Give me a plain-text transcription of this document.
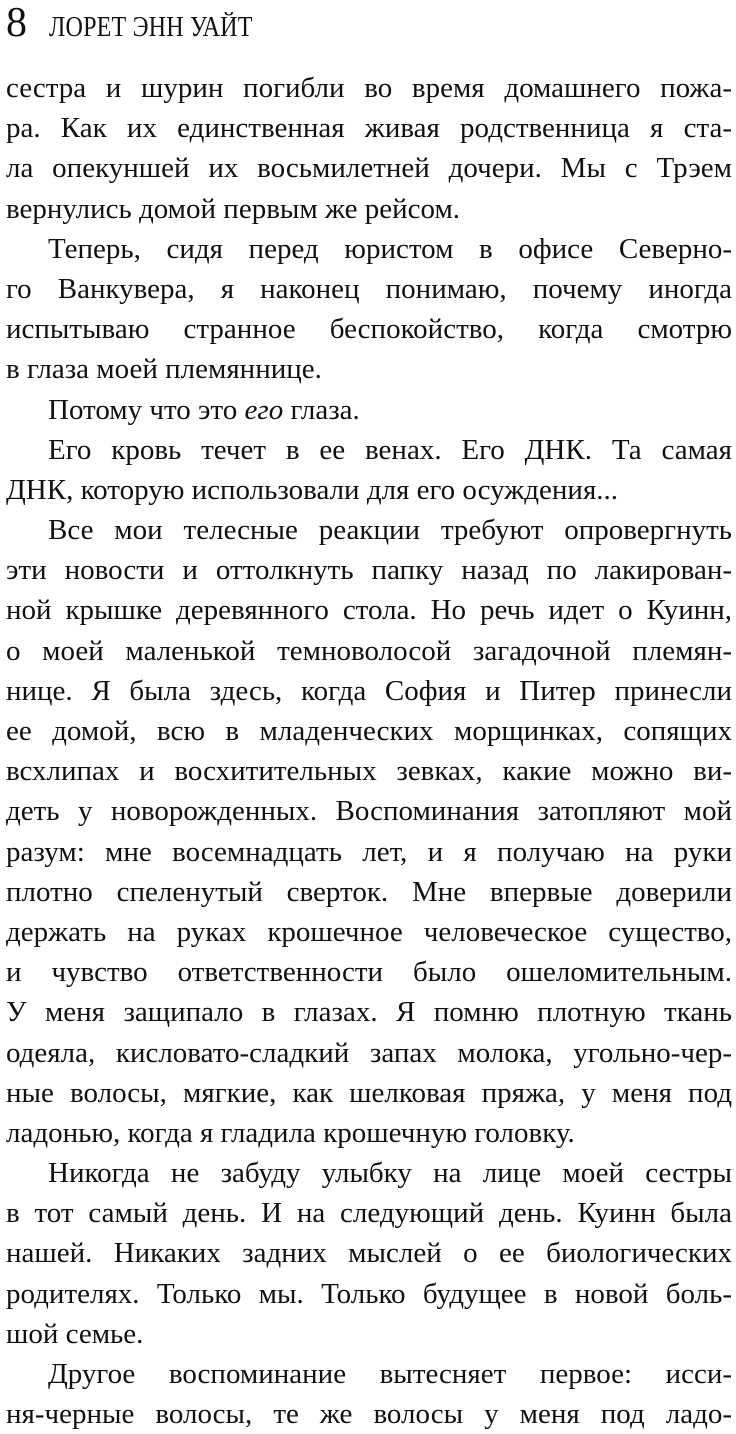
8 ЛОРЕТ ЭНН УАЙТ
сестра и шурин погибли во время домашнего пожа-
ра. Как их единственная живая родственница я ста-
ла опекуншей их восьмилетней дочери. Мы с Трэем
вернулись домой первым же рейсом.
Теперь, сидя перед юристом в офисе Северно-
го Ванкувера, я наконец понимаю, почему иногда
испытываю странное беспокойство, когда смотрю
в глаза моей племяннице.
Потому что это его глаза.
Его кровь течет в ее венах. Его ДНК. Та самая
ДНК, которую использовали для его осуждения...
Все мои телесные реакции требуют опровергнуть
эти новости и оттолкнуть папку назад по лакирован-
ной крышке деревянного стола. Но речь идет о Куинн,
о моей маленькой темноволосой загадочной племян-
нице. Я была здесь, когда София и Питер принесли
ее домой, всю в младенческих морщинках, сопящих
всхлипах и восхитительных зевках, какие можно ви-
деть у новорожденных. Воспоминания затопляют мой
разум: мне восемнадцать лет, и я получаю на руки
плотно спеленутый сверток. Мне впервые доверили
держать на руках крошечное человеческое существо,
и чувство ответственности было ошеломительным.
У меня защипало в глазах. Я помню плотную ткань
одеяла, кисловато-сладкий запах молока, угольно-чер-
ные волосы, мягкие, как шелковая пряжа, у меня под
ладонью, когда я гладила крошечную головку.
Никогда не забуду улыбку на лице моей сестры
в тот самый день. И на следующий день. Куинн была
нашей. Никаких задних мыслей о ее биологических
родителях. Только мы. Только будущее в новой боль-
шой семье.
Другое воспоминание вытесняет первое: исси-
ня-черные волосы, те же волосы у меня под ладо-
